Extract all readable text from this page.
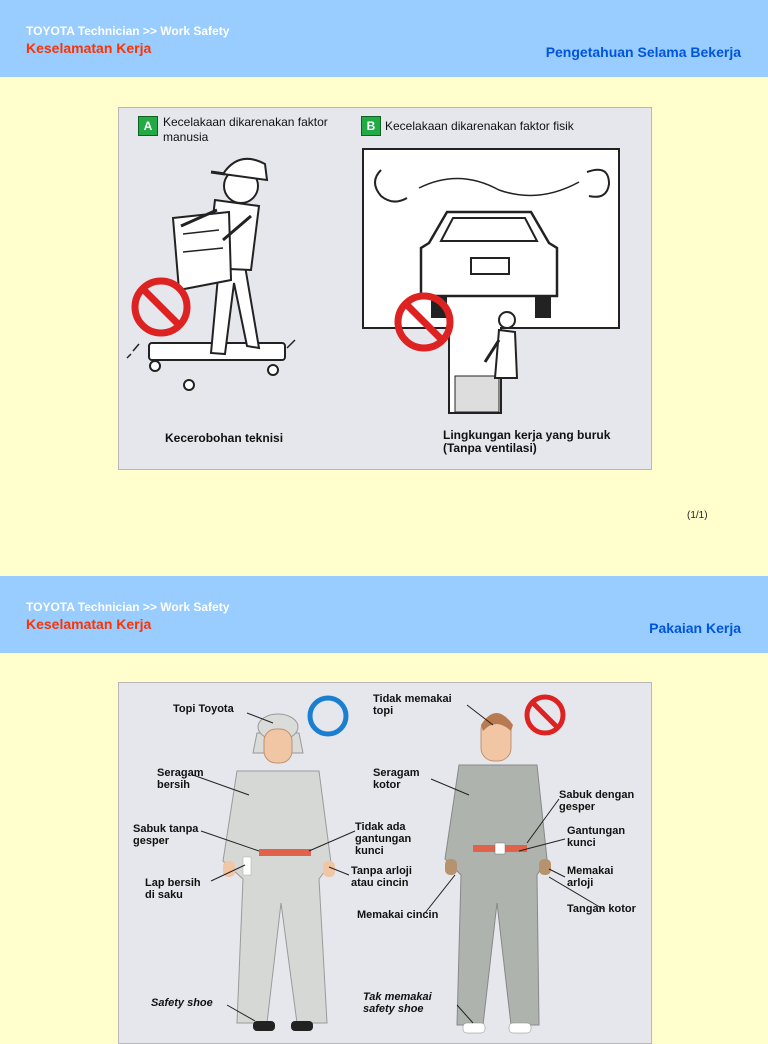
TOYOTA Technician >> Work Safety
Keselamatan Kerja	Pengetahuan Selama Bekerja
A Kecelakaan dikarenakan faktor
manusia
B Kecelakaan dikarenakan faktor fisik
Kecerobohan teknisi	Lingkungan kerja yang buruk
(Tanpa ventilasi)
(1/1)
TOYOTA Technician >> Work Safety
Keselamatan Kerja	Pakaian Kerja
Topi Toyota
Seragam
bersih
Sabuk tanpa
gesper
Lap bersih
di saku
Safety shoe
Tidak memakai
topi
Seragam
kotor
Tidak ada
gantungan
kunci
Tanpa arloji
atau cincin
Memakai cincin
Tak memakai
safety shoe
Sabuk dengan
gesper
Gantungan
kunci
Memakai
arloji
Tangan kotor
